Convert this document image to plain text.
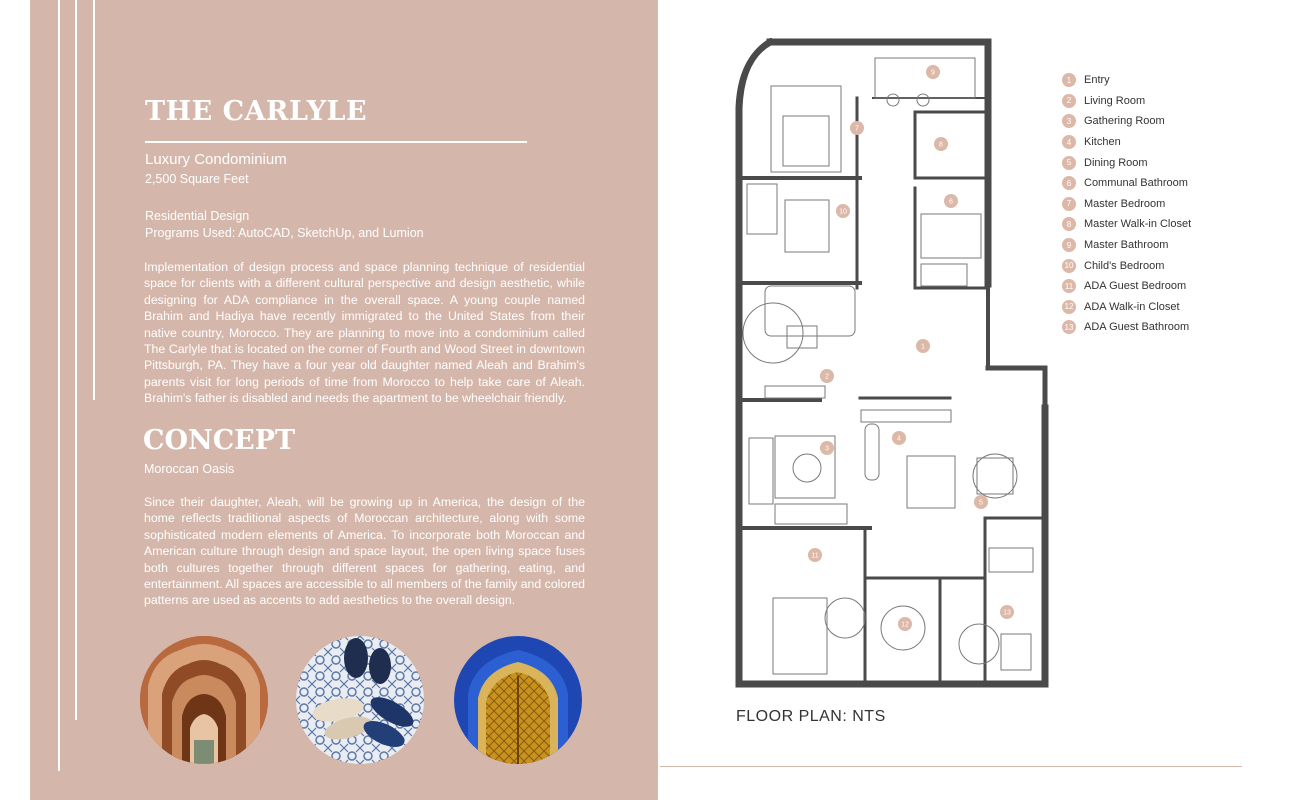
THE CARLYLE
Luxury Condominium
2,500 Square Feet
Residential Design
Programs Used: AutoCAD, SketchUp, and Lumion

Implementation of design process and space planning technique of residential space for clients with a different cultural perspective and design aesthetic, while designing for ADA compliance in the overall space. A young couple named Brahim and Hadiya have recently immigrated to the United States from their native country, Morocco. They are planning to move into a condominium called The Carlyle that is located on the corner of Fourth and Wood Street in downtown Pittsburgh, PA. They have a four year old daughter named Aleah and Brahim's parents visit for long periods of time from Morocco to help take care of Aleah. Brahim's father is disabled and needs the apartment to be wheelchair friendly.

CONCEPT
Moroccan Oasis

Since their daughter, Aleah, will be growing up in America, the design of the home reflects traditional aspects of Moroccan architecture, along with some sophisticated modern elements of America. To incorporate both Moroccan and American culture through design and space layout, the open living space fuses both cultures together through different spaces for gathering, eating, and entertainment. All spaces are accessible to all members of the family and colored patterns are used as accents to add aesthetics to the overall design.

1
2
3
4
5
6
7
8
9
10
11
12
13
1	Entry
2	Living Room
3	Gathering Room
4	Kitchen
5	Dining Room
6	Communal Bathroom
7	Master Bedroom
8	Master Walk-in Closet
9	Master Bathroom
10 Child's Bedroom
11 ADA Guest Bedroom
12 ADA Walk-in Closet
13 ADA Guest Bathroom
FLOOR PLAN: NTS
